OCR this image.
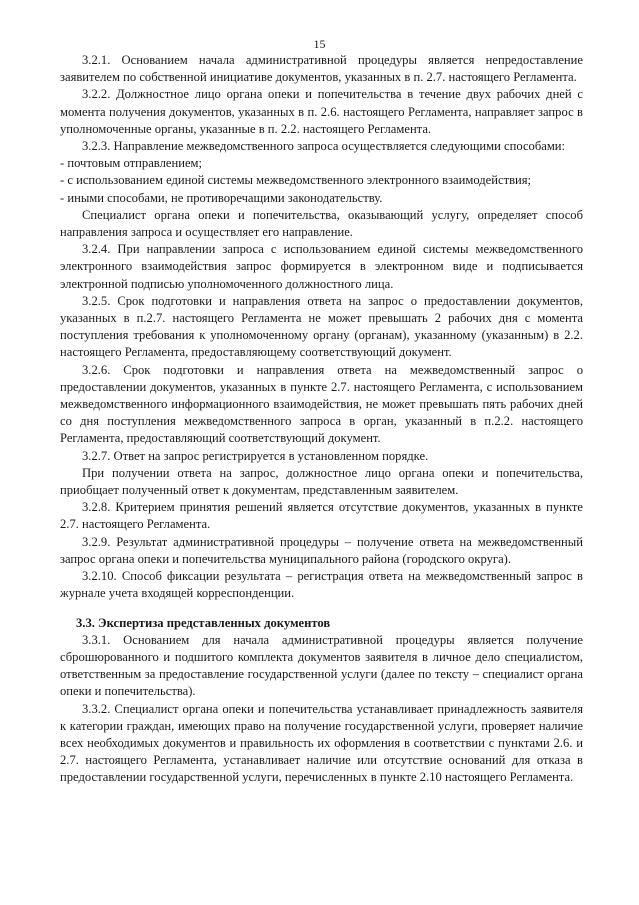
15

3.2.1. Основанием начала административной процедуры является непредоставление заявителем по собственной инициативе документов, указанных в п. 2.7. настоящего Регламента.

3.2.2. Должностное лицо органа опеки и попечительства в течение двух рабочих дней с момента получения документов, указанных в п. 2.6. настоящего Регламента, направляет запрос в уполномоченные органы, указанные в п. 2.2. настоящего Регламента.

3.2.3. Направление межведомственного запроса осуществляется следующими способами:

- почтовым отправлением;

- с использованием единой системы межведомственного электронного взаимодействия;

- иными способами, не противоречащими законодательству.

Специалист органа опеки и попечительства, оказывающий услугу, определяет способ направления запроса и осуществляет его направление.

3.2.4. При направлении запроса с использованием единой системы межведомственного электронного взаимодействия запрос формируется в электронном виде и подписывается электронной подписью уполномоченного должностного лица.

3.2.5. Срок подготовки и направления ответа на запрос о предоставлении документов, указанных в п.2.7. настоящего Регламента не может превышать 2 рабочих дня с момента поступления требования к уполномоченному органу (органам), указанному (указанным) в 2.2. настоящего Регламента, предоставляющему соответствующий документ.

3.2.6. Срок подготовки и направления ответа на межведомственный запрос о предоставлении документов, указанных в пункте 2.7. настоящего Регламента, с использованием межведомственного информационного взаимодействия, не может превышать пять рабочих дней со дня поступления межведомственного запроса в орган, указанный в п.2.2. настоящего Регламента, предоставляющий соответствующий документ.

3.2.7. Ответ на запрос регистрируется в установленном порядке.

При получении ответа на запрос, должностное лицо органа опеки и попечительства, приобщает полученный ответ к документам, представленным заявителем.

3.2.8. Критерием принятия решений является отсутствие документов, указанных в пункте 2.7. настоящего Регламента.

3.2.9. Результат административной процедуры – получение ответа на межведомственный запрос органа опеки и попечительства муниципального района (городского округа).

3.2.10. Способ фиксации результата – регистрация ответа на межведомственный запрос в журнале учета входящей корреспонденции.

3.3. Экспертиза представленных документов

3.3.1. Основанием для начала административной процедуры является получение сброшюрованного и подшитого комплекта документов заявителя в личное дело специалистом, ответственным за предоставление государственной услуги (далее по тексту – специалист органа опеки и попечительства).

3.3.2. Специалист органа опеки и попечительства устанавливает принадлежность заявителя к категории граждан, имеющих право на получение государственной услуги, проверяет наличие всех необходимых документов и правильность их оформления в соответствии с пунктами 2.6. и 2.7. настоящего Регламента, устанавливает наличие или отсутствие оснований для отказа в предоставлении государственной услуги, перечисленных в пункте 2.10 настоящего Регламента.
